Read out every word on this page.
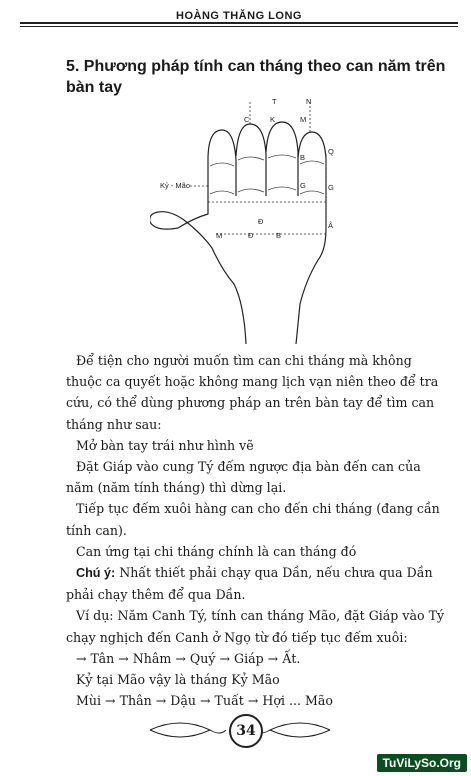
HOÀNG THĂNG LONG
5. Phương pháp tính can tháng theo can năm trên bàn tay
T	N
C	K	M
Q
G
Â
Kỷ - Mão
M	Đ	B
B
G
Đ

Để tiện cho người muốn tìm can chi tháng mà không thuộc ca quyết hoặc không mang lịch vạn niên theo để tra cứu, có thể dùng phương pháp an trên bàn tay để tìm can tháng như sau:

Mở bàn tay trái như hình vẽ

Đặt Giáp vào cung Tý đếm ngược địa bàn đến can của năm (năm tính tháng) thì dừng lại.

Tiếp tục đếm xuôi hàng can cho đến chi tháng (đang cần tính can).

Can ứng tại chi tháng chính là can tháng đó

Chú ý: Nhất thiết phải chạy qua Dần, nếu chưa qua Dần phải chạy thêm để qua Dần.

Ví dụ: Năm Canh Tý, tính can tháng Mão, đặt Giáp vào Tý chạy nghịch đến Canh ở Ngọ từ đó tiếp tục đếm xuôi:

→ Tân → Nhâm → Quý → Giáp → Ất.

Kỷ tại Mão vậy là tháng Kỷ Mão

Mùi → Thân → Dậu → Tuất → Hợi ... Mão

34
TuViLySo.Org
